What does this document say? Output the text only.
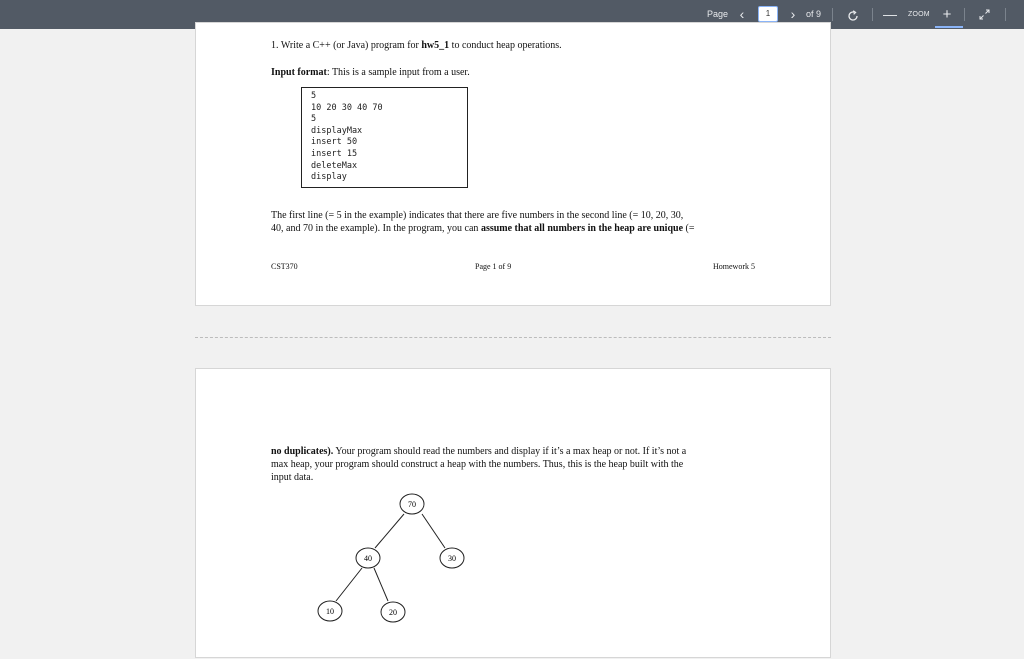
Page ‹
1	›	of 9	— ZOOM +
1. Write a C++ (or Java) program for hw5_1 to conduct heap operations.
Input format: This is a sample input from a user.
5
10 20 30 40 70
5
displayMax
insert 50
insert 15
deleteMax
display
The first line (= 5 in the example) indicates that there are five numbers in the second line (= 10, 20, 30,
40, and 70 in the example). In the program, you can assume that all numbers in the heap are unique (=
CST370	Page 1 of 9	Homework 5
no duplicates). Your program should read the numbers and display if it’s a max heap or not. If it’s not a
max heap, your program should construct a heap with the numbers. Thus, this is the heap built with the
input data.
70
40	30
10	20
